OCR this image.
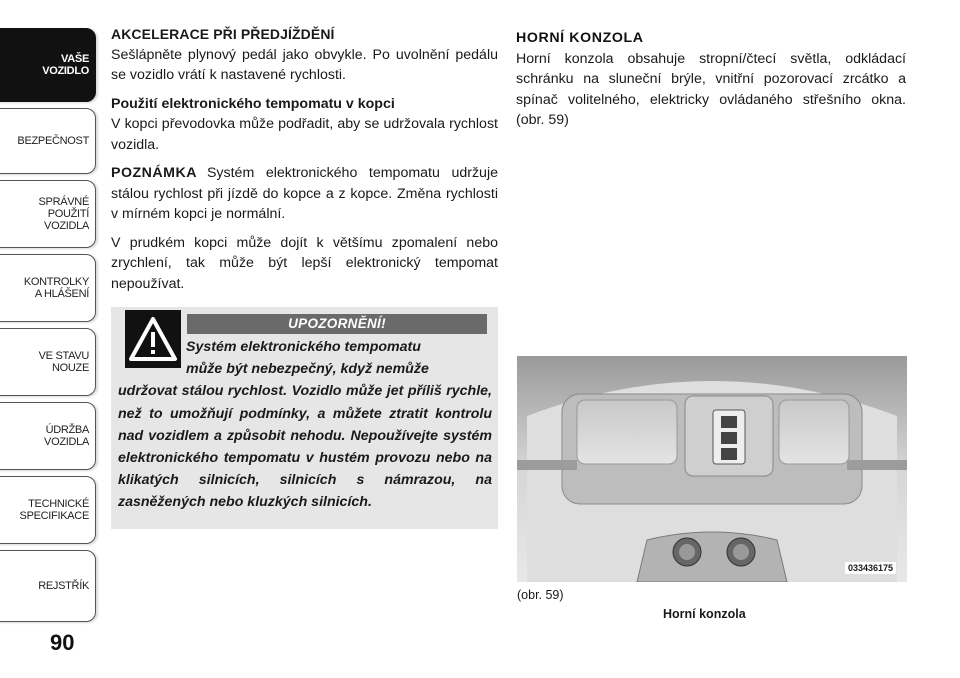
VAŠE
VOZIDLO
BEZPEČNOST
SPRÁVNÉ
POUŽITÍ
VOZIDLA
KONTROLKY
A HLÁŠENÍ
VE STAVU
NOUZE
ÚDRŽBA
VOZIDLA
TECHNICKÉ
SPECIFIKACE
REJSTŘÍK
90

AKCELERACE PŘI PŘEDJÍŽDĚNÍ

Sešlápněte plynový pedál jako obvykle. Po uvolnění pedálu se vozidlo vrátí k nastavené rychlosti.

Použití elektronického tempomatu v kopci

V kopci převodovka může podřadit, aby se udržovala rychlost vozidla.

POZNÁMKA Systém elektronického tempomatu udržuje stálou rychlost při jízdě do kopce a z kopce. Změna rychlosti v mírném kopci je normální.

V prudkém kopci může dojít k většímu zpomalení nebo zrychlení, tak může být lepší elektronický tempomat nepoužívat.

UPOZORNĚNÍ!
Systém elektronického tempomatu
může být nebezpečný, když nemůže
udržovat stálou rychlost. Vozidlo může jet příliš rychle, než to umožňují podmínky, a můžete ztratit kontrolu nad vozidlem a způsobit nehodu. Nepoužívejte systém elektronického tempomatu v hustém provozu nebo na klikatých silnicích, silnicích s námrazou, na zasněžených nebo kluzkých silnicích.

HORNÍ KONZOLA

Horní konzola obsahuje stropní/čtecí světla, odkládací schránku na sluneční brýle, vnitřní pozorovací zrcátko a spínač volitelného, elektricky ovládaného střešního okna. (obr. 59)

033436175
(obr. 59)
Horní konzola
